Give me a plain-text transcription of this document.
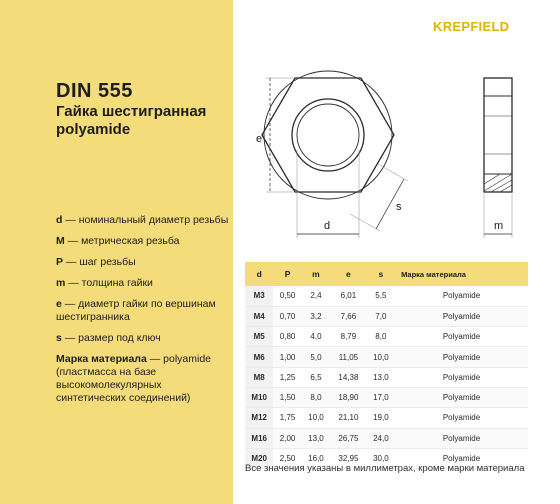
DIN 555
Гайка шестигранная polyamide
d — номинальный диаметр резьбы
M — метрическая резьба
P — шаг резьбы
m — толщина гайки
e — диаметр гайки по вершинам шестигранника
s — размер под ключ
Марка материала — polyamide (пластмасса на базе высокомолекулярных синтетических соединений)
KREPFIELD
e
d
s
m
d	P	m	e	s	Марка материала
M3	0,50	2,4	6,01	5,5	Polyamide
M4	0,70	3,2	7,66	7,0	Polyamide
M5	0,80	4,0	8,79	8,0	Polyamide
M6	1,00	5,0	11,05	10,0	Polyamide
M8	1,25	6,5	14,38	13,0	Polyamide
M10	1,50	8,0	18,90	17,0	Polyamide
M12	1,75	10,0	21,10	19,0	Polyamide
M16	2,00	13,0	26,75	24,0	Polyamide
M20	2,50	16,0	32,95	30,0	Polyamide
Все значения указаны в миллиметрах, кроме марки материала
